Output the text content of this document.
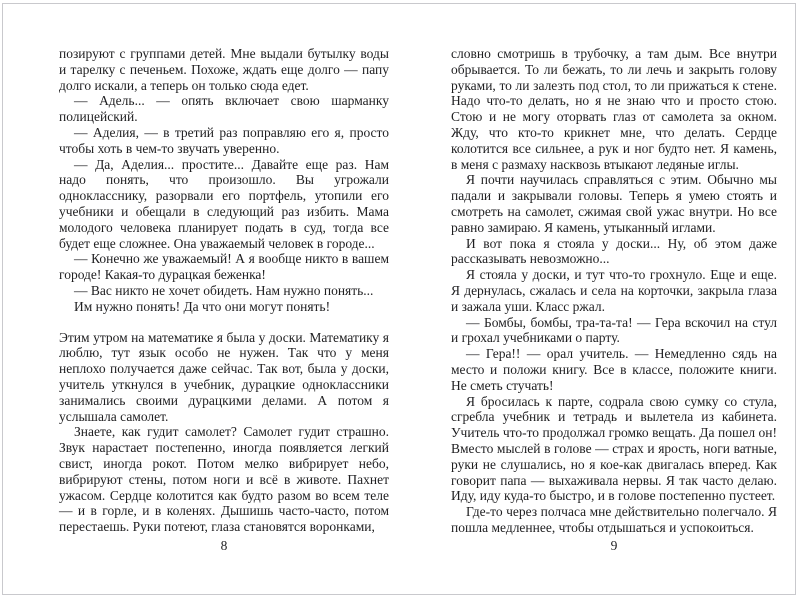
позируют с группами детей. Мне выдали бутылку воды и тарелку с печеньем. Похоже, ждать еще долго — папу долго искали, а теперь он только сюда едет.

— Адель... — опять включает свою шарманку полицейский.

— Аделия, — в третий раз поправляю его я, просто чтобы хоть в чем-то звучать уверенно.

— Да, Аделия... простите... Давайте еще раз. Нам надо понять, что произошло. Вы угрожали однокласснику, разорвали его портфель, утопили его учебники и обещали в следующий раз избить. Мама молодого человека планирует подать в суд, тогда все будет еще сложнее. Она уважаемый человек в городе...

— Конечно же уважаемый! А я вообще никто в вашем городе! Какая-то дурацкая беженка!

— Вас никто не хочет обидеть. Нам нужно понять...

Им нужно понять! Да что они могут понять!

Этим утром на математике я была у доски. Математику я люблю, тут язык особо не нужен. Так что у меня неплохо получается даже сейчас. Так вот, была у доски, учитель уткнулся в учебник, дурацкие одноклассники занимались своими дурацкими делами. А потом я услышала самолет.

Знаете, как гудит самолет? Самолет гудит страшно. Звук нарастает постепенно, иногда появляется легкий свист, иногда рокот. Потом мелко вибрирует небо, вибрируют стены, потом ноги и всё в животе. Пахнет ужасом. Сердце колотится как будто разом во всем теле — и в горле, и в коленях. Дышишь часто-часто, потом перестаешь. Руки потеют, глаза становятся воронками,

8

словно смотришь в трубочку, а там дым. Все внутри обрывается. То ли бежать, то ли лечь и закрыть голову руками, то ли залезть под стол, то ли прижаться к стене. Надо что-то делать, но я не знаю что и просто стою. Стою и не могу оторвать глаз от самолета за окном. Жду, что кто-то крикнет мне, что делать. Сердце колотится все сильнее, а рук и ног будто нет. Я камень, в меня с размаху насквозь втыкают ледяные иглы.

Я почти научилась справляться с этим. Обычно мы падали и закрывали головы. Теперь я умею стоять и смотреть на самолет, сжимая свой ужас внутри. Но все равно замираю. Я камень, утыканный иглами.

И вот пока я стояла у доски... Ну, об этом даже рассказывать невозможно...

Я стояла у доски, и тут что-то грохнуло. Еще и еще. Я дернулась, сжалась и села на корточки, закрыла глаза и зажала уши. Класс ржал.

— Бомбы, бомбы, тра-та-та! — Гера вскочил на стул и грохал учебниками о парту.

— Гера!! — орал учитель. — Немедленно сядь на место и положи книгу. Все в классе, положите книги. Не сметь стучать!

Я бросилась к парте, содрала свою сумку со стула, сгребла учебник и тетрадь и вылетела из кабинета. Учитель что-то продолжал громко вещать. Да пошел он! Вместо мыслей в голове — страх и ярость, ноги ватные, руки не слушались, но я кое-как двигалась вперед. Как говорит папа — выхаживала нервы. Я так часто делаю. Иду, иду куда-то быстро, и в голове постепенно пустеет.

Где-то через полчаса мне действительно полегчало. Я пошла медленнее, чтобы отдышаться и успокоиться.

9
